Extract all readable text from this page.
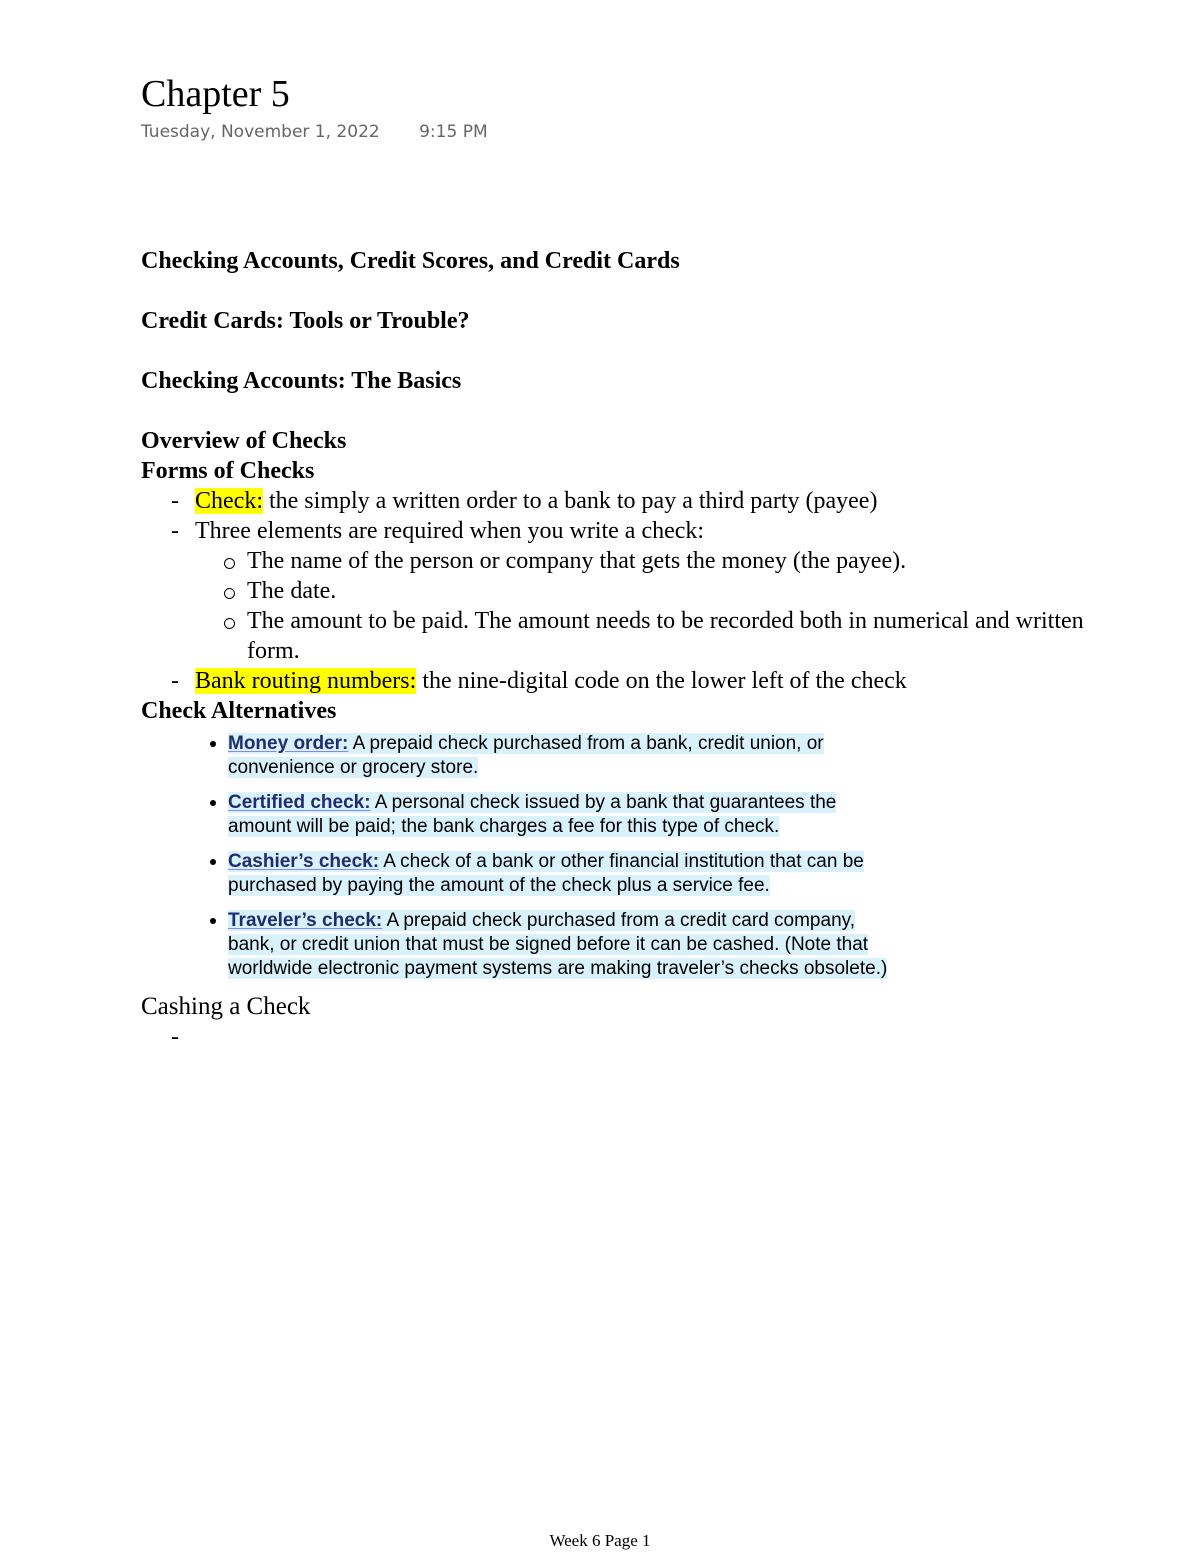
Chapter 5
Tuesday, November 1, 2022 9:15 PM
Checking Accounts, Credit Scores, and Credit Cards
Credit Cards: Tools or Trouble?
Checking Accounts: The Basics
Overview of Checks
Forms of Checks
- Check: the simply a written order to a bank to pay a third party (payee)
- Three elements are required when you write a check:
The name of the person or company that gets the money (the payee).
The date.
The amount to be paid. The amount needs to be recorded both in numerical and written form.
- Bank routing numbers: the nine-digital code on the lower left of the check
Check Alternatives
Money order: A prepaid check purchased from a bank, credit union, or convenience or grocery store.
Certified check: A personal check issued by a bank that guarantees the amount will be paid; the bank charges a fee for this type of check.
Cashier’s check: A check of a bank or other financial institution that can be purchased by paying the amount of the check plus a service fee.
Traveler’s check: A prepaid check purchased from a credit card company, bank, or credit union that must be signed before it can be cashed. (Note that worldwide electronic payment systems are making traveler’s checks obsolete.)
Cashing a Check
-
Week 6 Page 1
